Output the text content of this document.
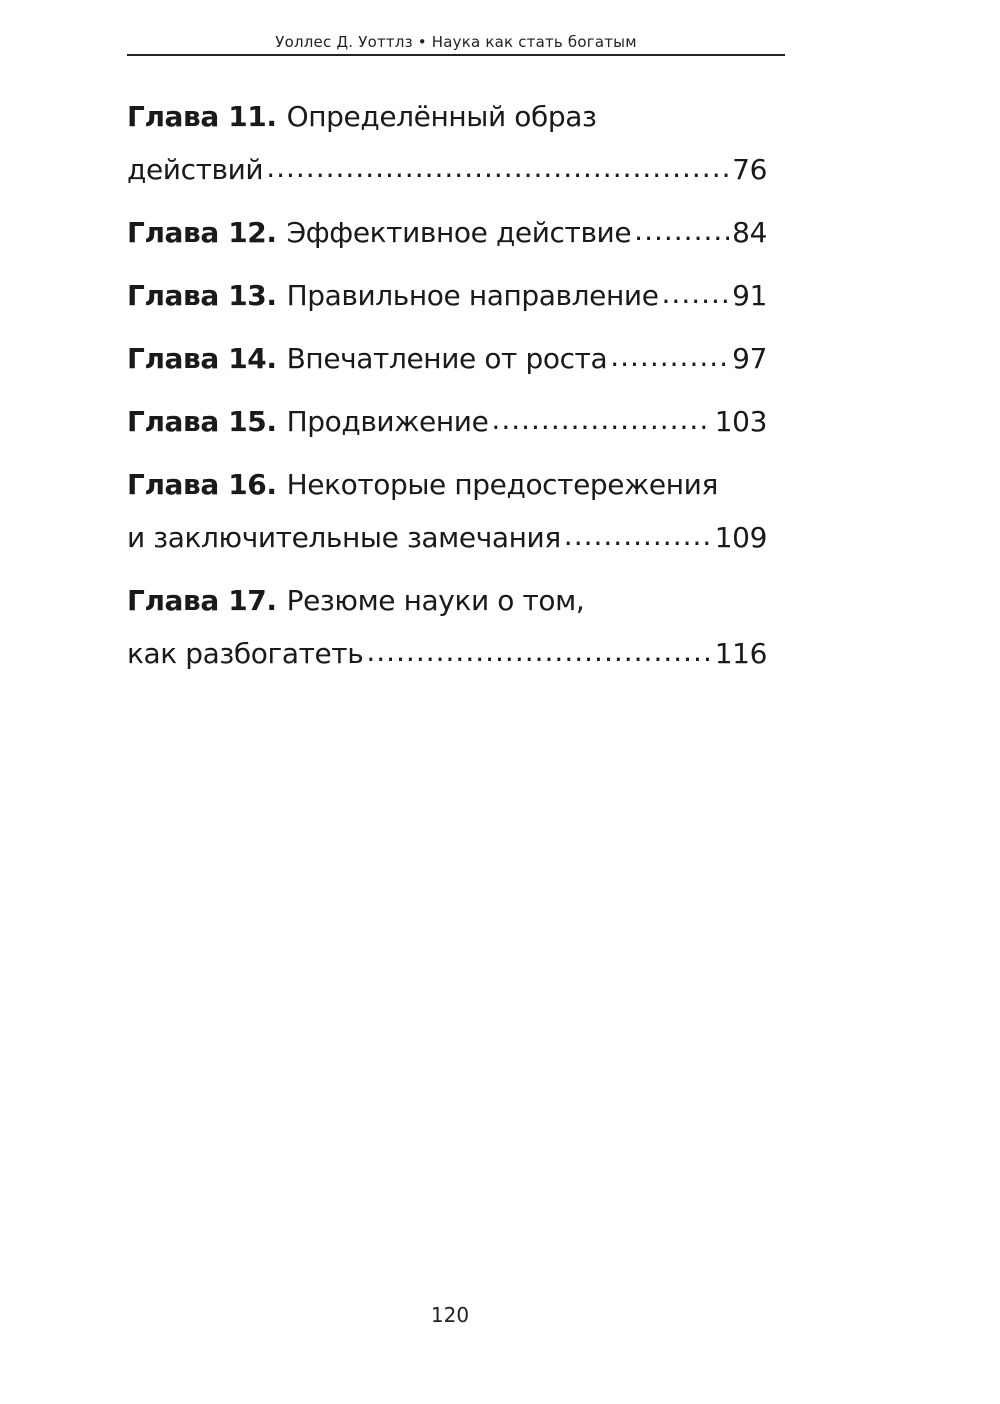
Уоллес Д. Уоттлз • Наука как стать богатым
Глава 11. Определённый образ
действий .....	76
Глава 12. Эффективное действие .....	84
Глава 13. Правильное направление .....	91
Глава 14. Впечатление от роста .....	97
Глава 15. Продвижение .....	103
Глава 16. Некоторые предостережения
и заключительные замечания .....	109
Глава 17. Резюме науки о том,
как разбогатеть .....	116
120
